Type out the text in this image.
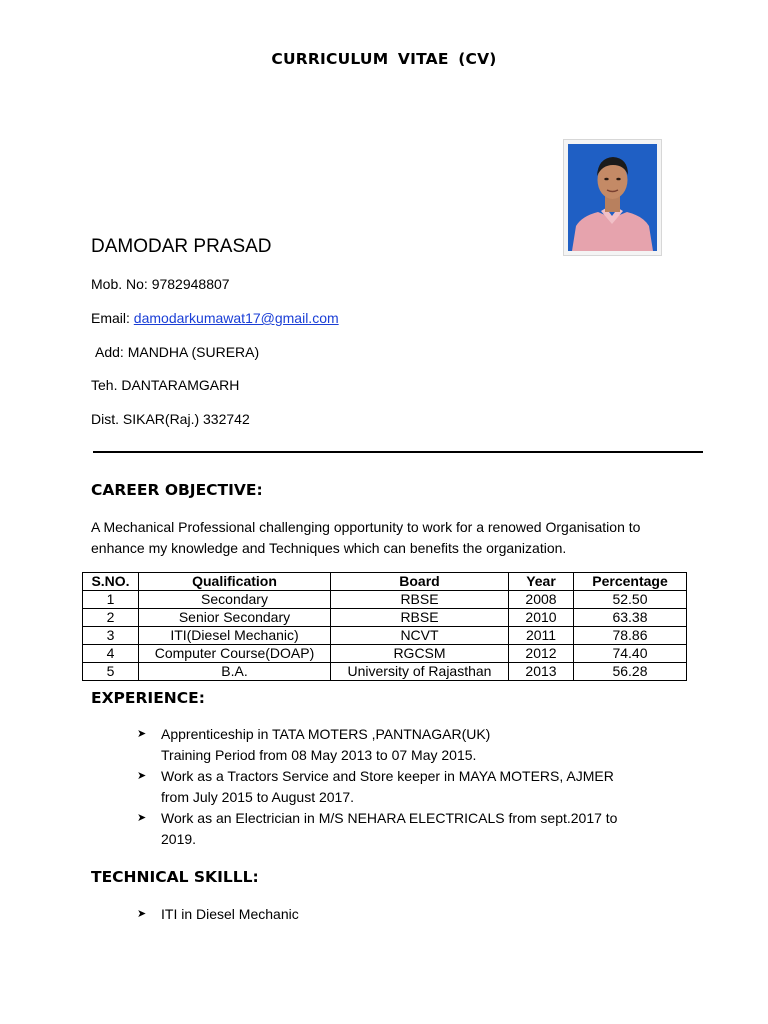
CURRICULUM VITAE (CV)
DAMODAR PRASAD
Mob. No: 9782948807
Email: damodarkumawat17@gmail.com
Add: MANDHA (SURERA)
Teh. DANTARAMGARH
Dist. SIKAR(Raj.) 332742
CAREER OBJECTIVE:
A Mechanical Professional challenging opportunity to work for a renowed Organisation to enhance my knowledge and Techniques which can benefits the organization.
S.NO.	Qualification	Board	Year	Percentage
1	Secondary	RBSE	2008	52.50
2	Senior Secondary	RBSE	2010	63.38
3	ITI(Diesel Mechanic)	NCVT	2011	78.86
4	Computer Course(DOAP)	RGCSM	2012	74.40
5	B.A.	University of Rajasthan	2013	56.28
EXPERIENCE:
➤ Apprenticeship in TATA MOTERS ,PANTNAGAR(UK)
Training Period from 08 May 2013 to 07 May 2015.
➤ Work as a Tractors Service and Store keeper in MAYA MOTERS, AJMER
from July 2015 to August 2017.
➤ Work as an Electrician in M/S NEHARA ELECTRICALS from sept.2017 to
2019.
TECHNICAL SKILLL:
➤ ITI in Diesel Mechanic
